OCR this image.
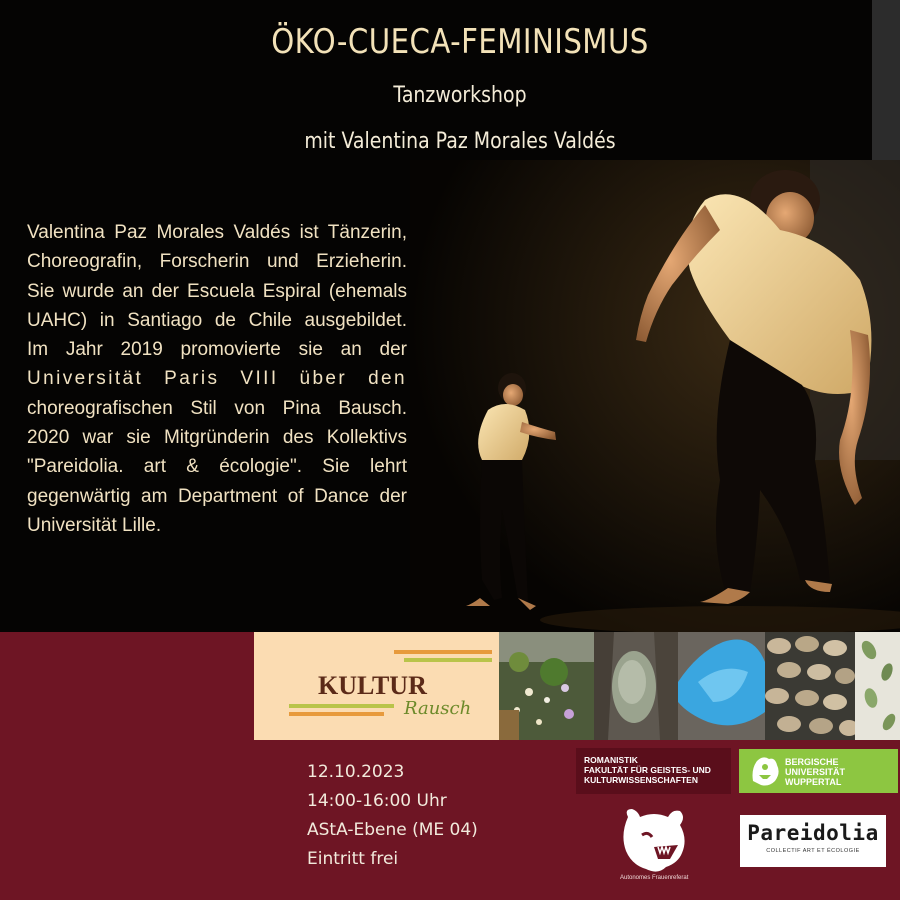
ÖKO-CUECA-FEMINISMUS
Tanzworkshop
mit Valentina Paz Morales Valdés
Valentina Paz Morales Valdés ist Tänzerin,
Choreografin, Forscherin und Erzieherin.
Sie wurde an der Escuela Espiral (ehemals
UAHC) in Santiago de Chile ausgebildet.
Im Jahr 2019 promovierte sie an der
Universität Paris VIII über den
choreografischen Stil von Pina Bausch.
2020 war sie Mitgründerin des Kollektivs
"Pareidolia. art & écologie". Sie lehrt
gegenwärtig am Department of Dance der
Universität Lille.
KULTUR
Rausch
12.10.2023
14:00-16:00 Uhr
AStA-Ebene (ME 04)
Eintritt frei
ROMANISTIK
FAKULTÄT FÜR GEISTES- UND
KULTURWISSENSCHAFTEN
BERGISCHE
UNIVERSITÄT
WUPPERTAL
Autonomes Frauenreferat
Pareidolia
COLLECTIF ART ET ÉCOLOGIE
